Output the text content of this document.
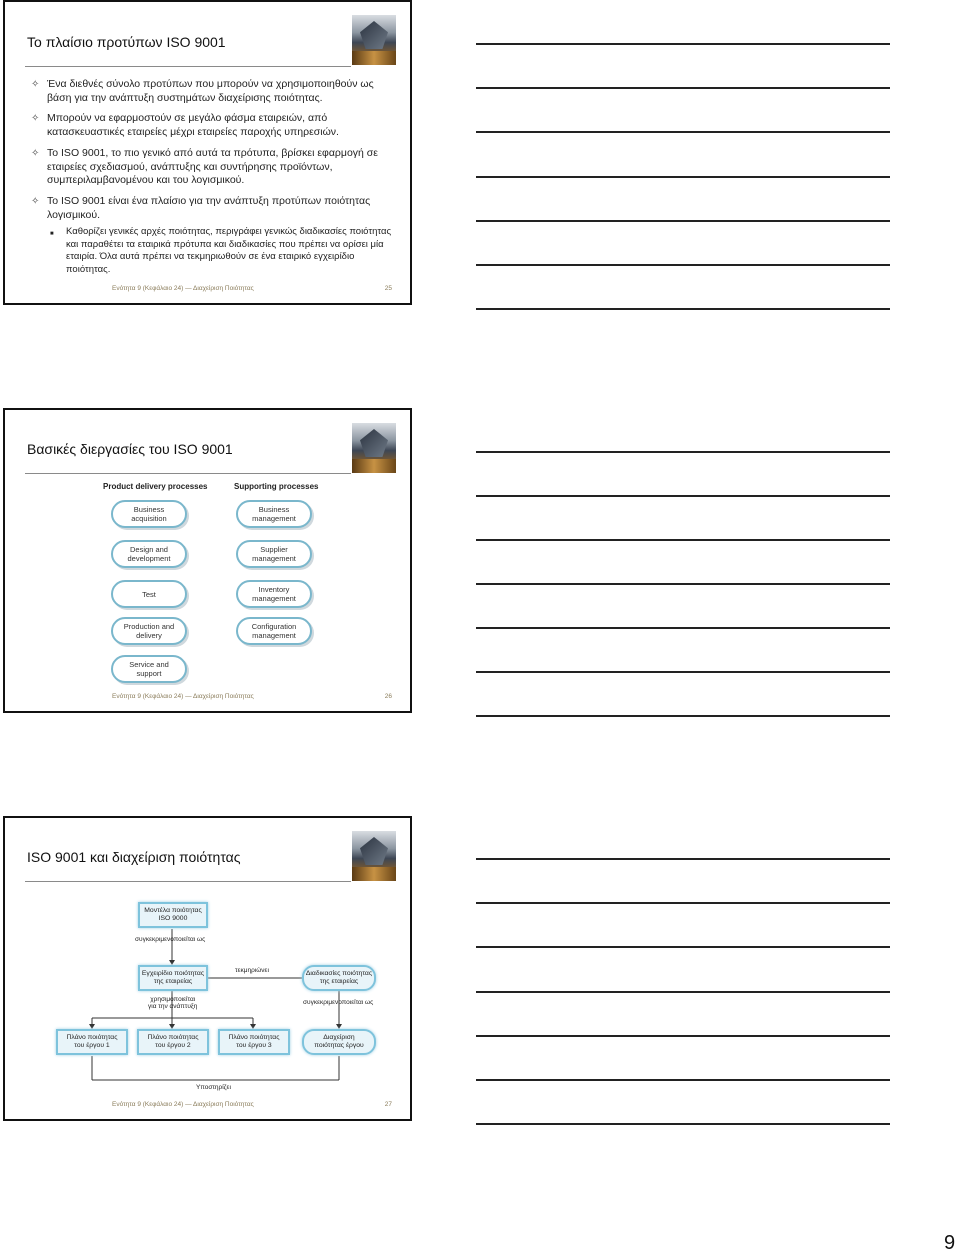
Το πλαίσιο προτύπων ISO 9001
✧ Ένα διεθνές σύνολο προτύπων που μπορούν να χρησιμοποιηθούν ως βάση για την ανάπτυξη συστημάτων διαχείρισης ποιότητας.
✧ Μπορούν να εφαρμοστούν σε μεγάλο φάσμα εταιρειών, από κατασκευαστικές εταιρείες μέχρι εταιρείες παροχής υπηρεσιών.
✧ Το ISO 9001, το πιο γενικό από αυτά τα πρότυπα, βρίσκει εφαρμογή σε εταιρείες σχεδιασμού, ανάπτυξης και συντήρησης προϊόντων, συμπεριλαμβανομένου και του λογισμικού.
✧ Το ISO 9001 είναι ένα πλαίσιο για την ανάπτυξη προτύπων ποιότητας λογισμικού.
■ Καθορίζει γενικές αρχές ποιότητας, περιγράφει γενικώς διαδικασίες ποιότητας και παραθέτει τα εταιρικά πρότυπα και διαδικασίες που πρέπει να ορίσει μία εταιρία. Όλα αυτά πρέπει να τεκμηριωθούν σε ένα εταιρικό εγχειρίδιο ποιότητας.
Ενότητα 9 (Κεφάλαιο 24) — Διαχείριση Ποιότητας	25
Βασικές διεργασίες του ISO 9001
Product delivery processes	Supporting processes
Business
acquisition
Design and
development
Test
Production and
delivery
Service and
support
Business
management
Supplier
management
Inventory
management
Configuration
management
Ενότητα 9 (Κεφάλαιο 24) — Διαχείριση Ποιότητας	26
ISO 9001 και διαχείριση ποιότητας
Μοντέλα ποιότητας
ISO 9000
συγκεκριμενοποιείται ως
Εγχειρίδιο ποιότητας
της εταιρείας
τεκμηριώνει	Διαδικασίες ποιότητας
της εταιρείας
χρησιμοποιείται
για την ανάπτυξη
συγκεκριμενοποιείται ως
Πλάνο ποιότητας
του έργου 1
Πλάνο ποιότητας
του έργου 2
Πλάνο ποιότητας
του έργου 3
Διαχείριση
ποιότητας έργου
Υποστηρίζει
Ενότητα 9 (Κεφάλαιο 24) — Διαχείριση Ποιότητας	27
9
